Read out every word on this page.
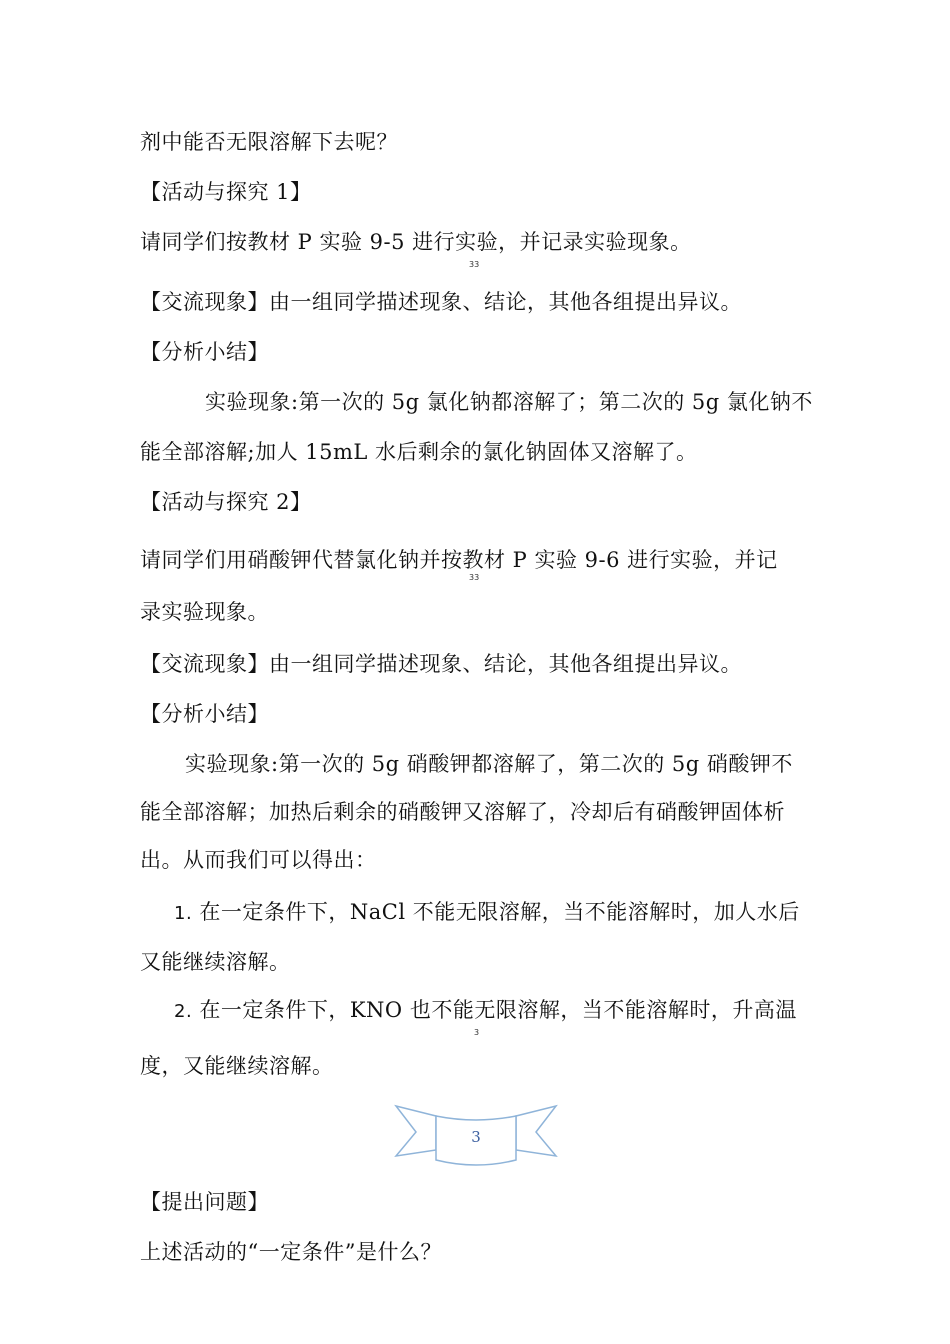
剂中能否无限溶解下去呢？
【活动与探究 1】
请同学们按教材 P 实验 9-5 进行实验，并记录实验现象。
33
【交流现象】由一组同学描述现象、结论，其他各组提出异议。
【分析小结】
实验现象:第一次的 5g 氯化钠都溶解了；第二次的 5g 氯化钠不
能全部溶解;加人 15mL 水后剩余的氯化钠固体又溶解了。
【活动与探究 2】
请同学们用硝酸钾代替氯化钠并按教材 P 实验 9-6 进行实验，并记
33
录实验现象。
【交流现象】由一组同学描述现象、结论，其他各组提出异议。
【分析小结】
实验现象:第一次的 5g 硝酸钾都溶解了，第二次的 5g 硝酸钾不
能全部溶解；加热后剩余的硝酸钾又溶解了，冷却后有硝酸钾固体析
出。从而我们可以得出：
1. 在一定条件下，NaCl 不能无限溶解，当不能溶解时，加人水后
又能继续溶解。
2. 在一定条件下，KNO 也不能无限溶解，当不能溶解时，升高温
3
度，又能继续溶解。
3
【提出问题】
上述活动的“一定条件”是什么？
